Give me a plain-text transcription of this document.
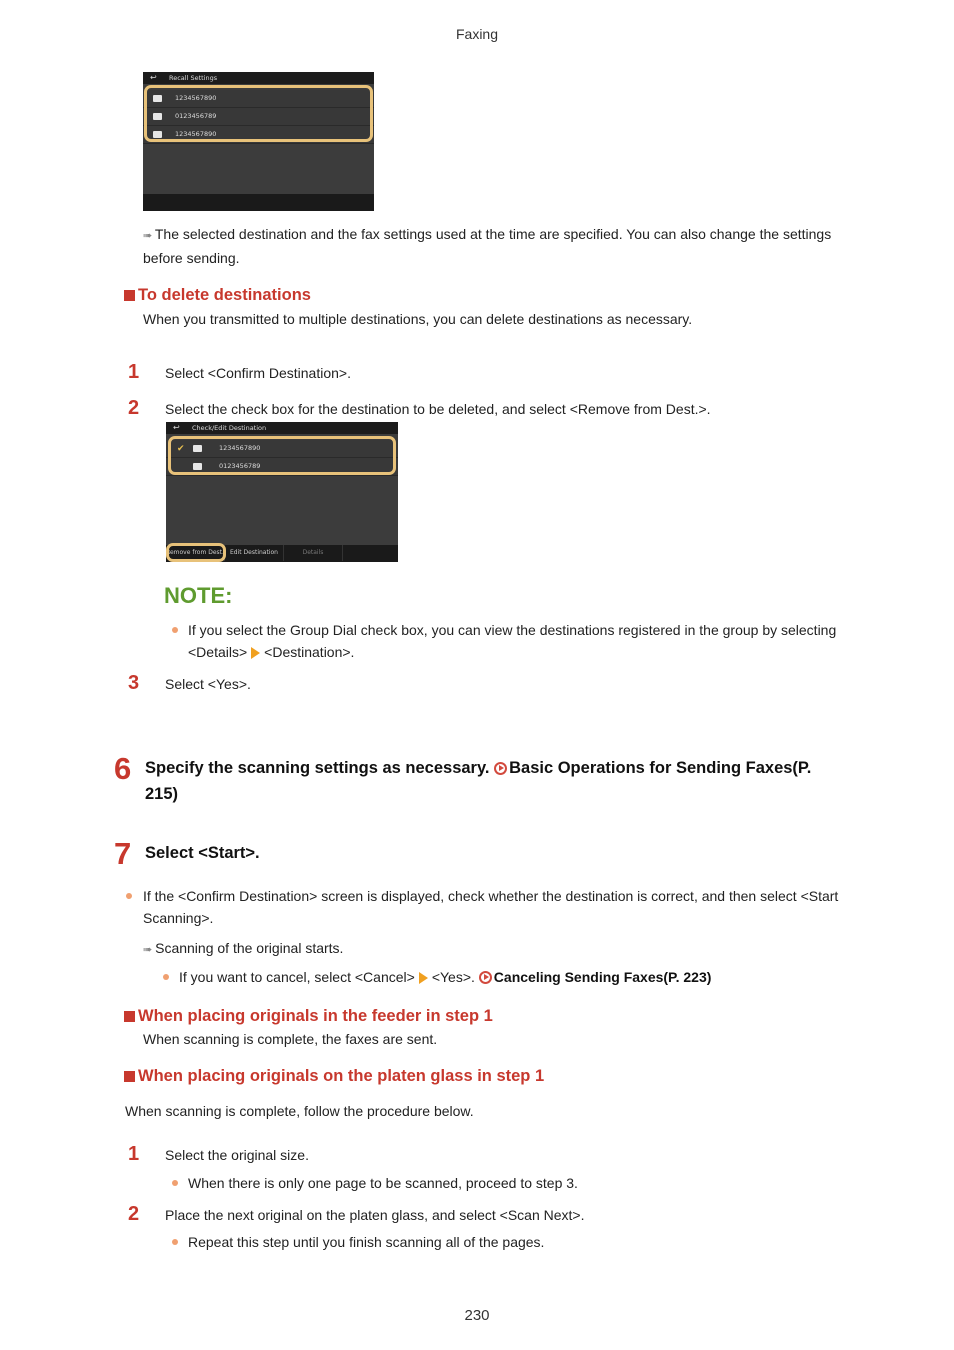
Faxing
↩ Recall Settings
1234567890
0123456789
1234567890
➠ The selected destination and the fax settings used at the time are specified. You can also change the settings before sending.
To delete destinations
When you transmitted to multiple destinations, you can delete destinations as necessary.
1 Select <Confirm Destination>.
2 Select the check box for the destination to be deleted, and select <Remove from Dest.>.
↩ Check/Edit Destination
✔	1234567890
0123456789
Remove from Dest.	Edit Destination	Details
NOTE:
If you select the Group Dial check box, you can view the destinations registered in the group by selecting <Details> <Destination>.
3 Select <Yes>.
6 Specify the scanning settings as necessary. Basic Operations for Sending Faxes(P. 215)
7 Select <Start>.
If the <Confirm Destination> screen is displayed, check whether the destination is correct, and then select <Start Scanning>.
➠ Scanning of the original starts.
If you want to cancel, select <Cancel> <Yes>. Canceling Sending Faxes(P. 223)
When placing originals in the feeder in step 1
When scanning is complete, the faxes are sent.
When placing originals on the platen glass in step 1
When scanning is complete, follow the procedure below.
1 Select the original size.
When there is only one page to be scanned, proceed to step 3.
2 Place the next original on the platen glass, and select <Scan Next>.
Repeat this step until you finish scanning all of the pages.
230
